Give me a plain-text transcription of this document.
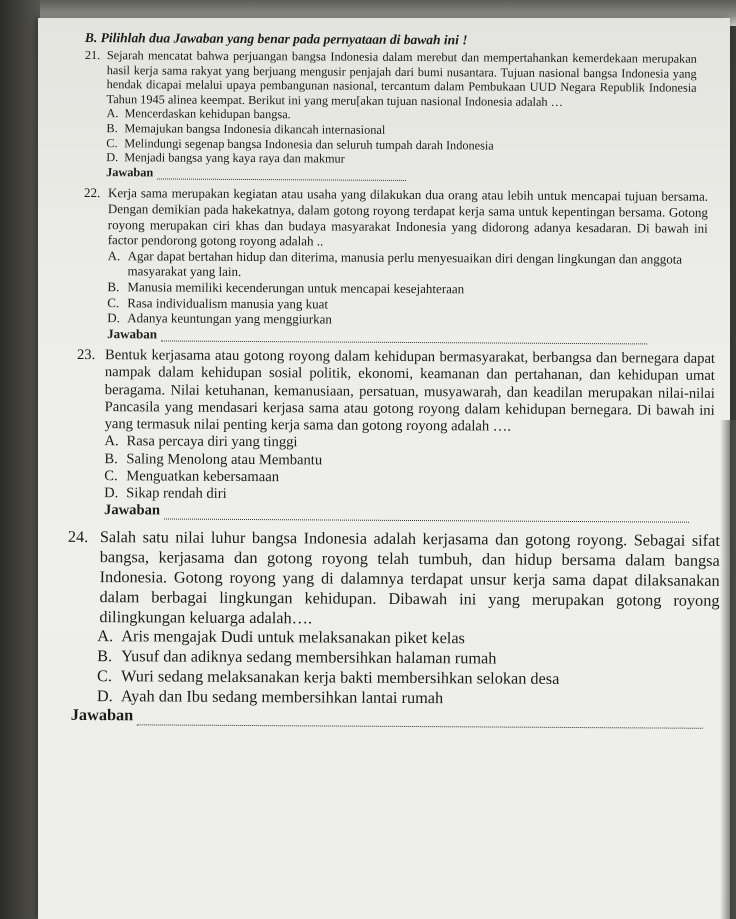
B. Pilihlah dua Jawaban yang benar pada pernyataan di bawah ini !
21. Sejarah mencatat bahwa perjuangan bangsa Indonesia dalam merebut dan mempertahankan kemerdekaan merupakan hasil kerja sama rakyat yang berjuang mengusir penjajah dari bumi nusantara. Tujuan nasional bangsa Indonesia yang hendak dicapai melalui upaya pembangunan nasional, tercantum dalam Pembukaan UUD Negara Republik Indonesia Tahun 1945 alinea keempat. Berikut ini yang meru[akan tujuan nasional Indonesia adalah …
A. Mencerdaskan kehidupan bangsa.
B. Memajukan bangsa Indonesia dikancah internasional
C. Melindungi segenap bangsa Indonesia dan seluruh tumpah darah Indonesia
D. Menjadi bangsa yang kaya raya dan makmur
Jawaban
22. Kerja sama merupakan kegiatan atau usaha yang dilakukan dua orang atau lebih untuk mencapai tujuan bersama. Dengan demikian pada hakekatnya, dalam gotong royong terdapat kerja sama untuk kepentingan bersama. Gotong royong merupakan ciri khas dan budaya masyarakat Indonesia yang didorong adanya kesadaran. Di bawah ini factor pendorong gotong royong adalah ..
A. Agar dapat bertahan hidup dan diterima, manusia perlu menyesuaikan diri dengan lingkungan dan anggota masyarakat yang lain.
B. Manusia memiliki kecenderungan untuk mencapai kesejahteraan
C. Rasa individualism manusia yang kuat
D. Adanya keuntungan yang menggiurkan
Jawaban
23. Bentuk kerjasama atau gotong royong dalam kehidupan bermasyarakat, berbangsa dan bernegara dapat nampak dalam kehidupan sosial politik, ekonomi, keamanan dan pertahanan, dan kehidupan umat beragama. Nilai ketuhanan, kemanusiaan, persatuan, musyawarah, dan keadilan merupakan nilai-nilai Pancasila yang mendasari kerjasa sama atau gotong royong dalam kehidupan bernegara. Di bawah ini yang termasuk nilai penting kerja sama dan gotong royong adalah ….
A. Rasa percaya diri yang tinggi
B. Saling Menolong atau Membantu
C. Menguatkan kebersamaan
D. Sikap rendah diri
Jawaban
24. Salah satu nilai luhur bangsa Indonesia adalah kerjasama dan gotong royong. Sebagai sifat bangsa, kerjasama dan gotong royong telah tumbuh, dan hidup bersama dalam bangsa Indonesia. Gotong royong yang di dalamnya terdapat unsur kerja sama dapat dilaksanakan dalam berbagai lingkungan kehidupan. Dibawah ini yang merupakan gotong royong dilingkungan keluarga adalah….
A. Aris mengajak Dudi untuk melaksanakan piket kelas
B. Yusuf dan adiknya sedang membersihkan halaman rumah
C. Wuri sedang melaksanakan kerja bakti membersihkan selokan desa
D. Ayah dan Ibu sedang membersihkan lantai rumah
Jawaban
